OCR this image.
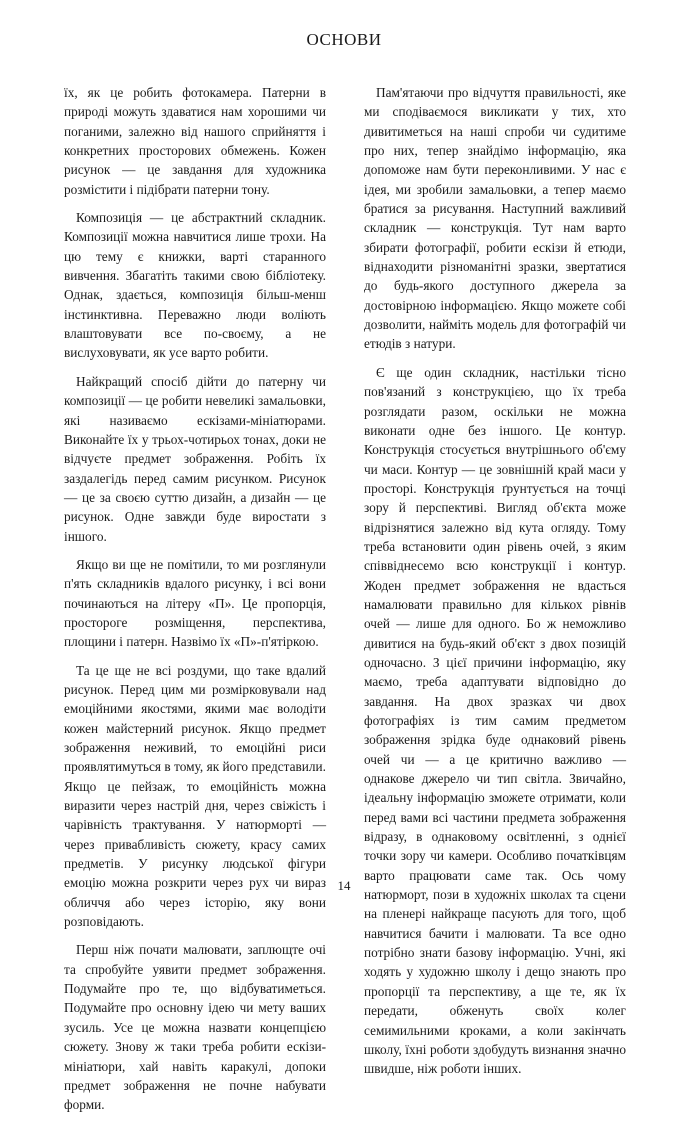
ОСНОВИ

їх, як це робить фотокамера. Патерни в природі можуть здаватися нам хорошими чи поганими, залежно від нашого сприйняття і конкретних просторових обмежень. Кожен рисунок — це завдання для художника розмістити і підібрати патерни тону.

Композиція — це абстрактний складник. Композиції можна навчитися лише трохи. На цю тему є книжки, варті старанного вивчення. Збагатіть такими свою бібліотеку. Однак, здається, композиція більш-менш інстинктивна. Переважно люди воліють влаштовувати все по-своєму, а не вислуховувати, як усе варто робити.

Найкращий спосіб дійти до патерну чи композиції — це робити невеликі замальовки, які називаємо ескізами-мініатюрами. Виконайте їх у трьох-чотирьох тонах, доки не відчуєте предмет зображення. Робіть їх заздалегідь перед самим рисунком. Рисунок — це за своєю суттю дизайн, а дизайн — це рисунок. Одне завжди буде виростати з іншого.

Якщо ви ще не помітили, то ми розглянули п'ять складників вдалого рисунку, і всі вони починаються на літеру «П». Це пропорція, простороге розміщення, перспектива, площини і патерн. Назвімо їх «П»-п'ятіркою.

Та це ще не всі роздуми, що таке вдалий рисунок. Перед цим ми розмірковували над емоційними якостями, якими має володіти кожен майстерний рисунок. Якщо предмет зображення неживий, то емоційні риси проявлятимуться в тому, як його представили. Якщо це пейзаж, то емоційність можна виразити через настрій дня, через свіжість і чарівність трактування. У натюрморті — через привабливість сюжету, красу самих предметів. У рисунку людської фігури емоцію можна розкрити через рух чи вираз обличчя або через історію, яку вони розповідають.

Перш ніж почати малювати, заплющте очі та спробуйте уявити предмет зображення. Подумайте про те, що відбуватиметься. Подумайте про основну ідею чи мету ваших зусиль. Усе це можна назвати концепцією сюжету. Знову ж таки треба робити ескізи-мініатюри, хай навіть каракулі, допоки предмет зображення не почне набувати форми.

Пам'ятаючи про відчуття правильності, яке ми сподіваємося викликати у тих, хто дивитиметься на наші спроби чи судитиме про них, тепер знайдімо інформацію, яка допоможе нам бути переконливими. У нас є ідея, ми зробили замальовки, а тепер маємо братися за рисування. Наступний важливий складник — конструкція. Тут нам варто збирати фотографії, робити ескізи й етюди, віднаходити різноманітні зразки, звертатися до будь-якого доступного джерела за достовірною інформацією. Якщо можете собі дозволити, найміть модель для фотографій чи етюдів з натури.

Є ще один складник, настільки тісно пов'язаний з конструкцією, що їх треба розглядати разом, оскільки не можна виконати одне без іншого. Це контур. Конструкція стосується внутрішнього об'єму чи маси. Контур — це зовнішній край маси у просторі. Конструкція ґрунтується на точці зору й перспективі. Вигляд об'єкта може відрізнятися залежно від кута огляду. Тому треба встановити один рівень очей, з яким співвіднесемо всю конструкції і контур. Жоден предмет зображення не вдасться намалювати правильно для кількох рівнів очей — лише для одного. Бо ж неможливо дивитися на будь-який об'єкт з двох позицій одночасно. З цієї причини інформацію, яку маємо, треба адаптувати відповідно до завдання. На двох зразках чи двох фотографіях із тим самим предметом зображення зрідка буде однаковий рівень очей чи — а це критично важливо — однакове джерело чи тип світла. Звичайно, ідеальну інформацію зможете отримати, коли перед вами всі частини предмета зображення відразу, в однаковому освітленні, з однієї точки зору чи камери. Особливо початківцям варто працювати саме так. Ось чому натюрморт, пози в художніх школах та сцени на пленері найкраще пасують для того, щоб навчитися бачити і малювати. Та все одно потрібно знати базову інформацію. Учні, які ходять у художню школу і дещо знають про пропорції та перспективу, а ще те, як їх передати, обженуть своїх колег семимильними кроками, а коли закінчать школу, їхні роботи здобудуть визнання значно швидше, ніж роботи інших.

14
